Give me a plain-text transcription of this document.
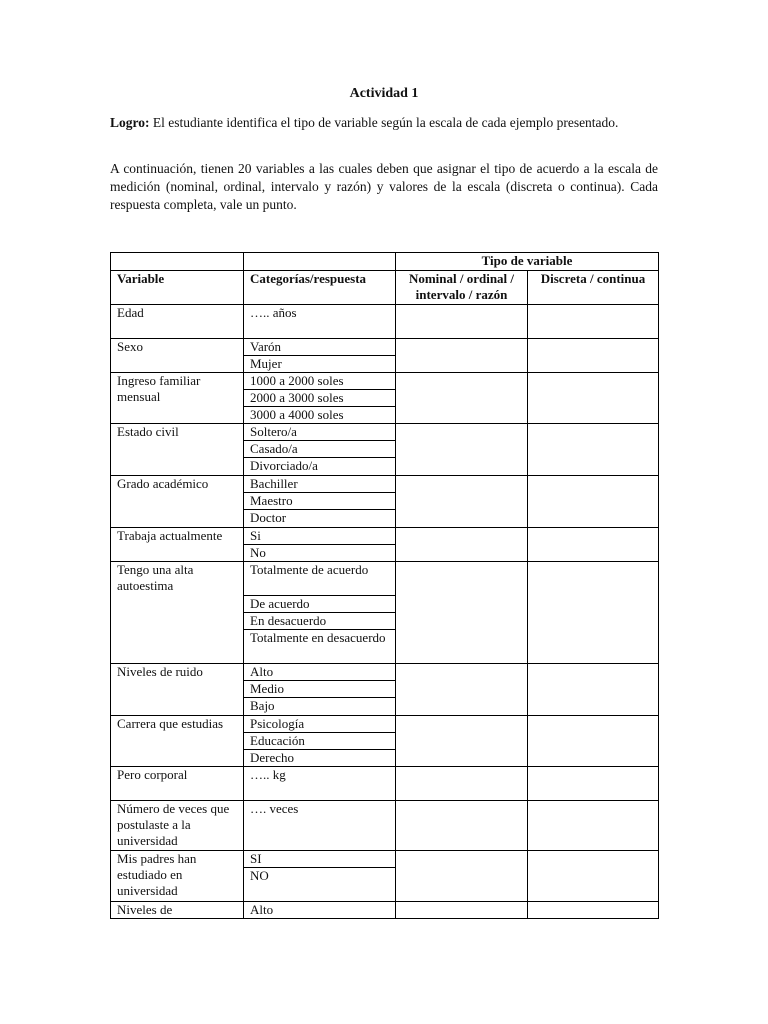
Actividad 1
Logro: El estudiante identifica el tipo de variable según la escala de cada ejemplo presentado.
A continuación, tienen 20 variables a las cuales deben que asignar el tipo de acuerdo a la escala de medición (nominal, ordinal, intervalo y razón) y valores de la escala (discreta o continua). Cada respuesta completa, vale un punto.
		Tipo de variable	
Variable	Categorías/respuesta	Nominal / ordinal / intervalo / razón	Discreta / continua
Edad	….. años		
Sexo	Varón		
	Mujer		
Ingreso familiar mensual	1000 a 2000 soles		
	2000 a 3000 soles		
	3000 a 4000 soles		
Estado civil	Soltero/a		
	Casado/a		
	Divorciado/a		
Grado académico	Bachiller		
	Maestro		
	Doctor		
Trabaja actualmente	Si		
	No		
Tengo una alta autoestima	Totalmente de acuerdo		
	De acuerdo		
	En desacuerdo		
	Totalmente en desacuerdo		
Niveles de ruido	Alto		
	Medio		
	Bajo		
Carrera que estudias	Psicología		
	Educación		
	Derecho		
Pero corporal	….. kg		
Número de veces que postulaste a la universidad	…. veces		
Mis padres han estudiado en universidad	SI		
	NO		
Niveles de	Alto		
